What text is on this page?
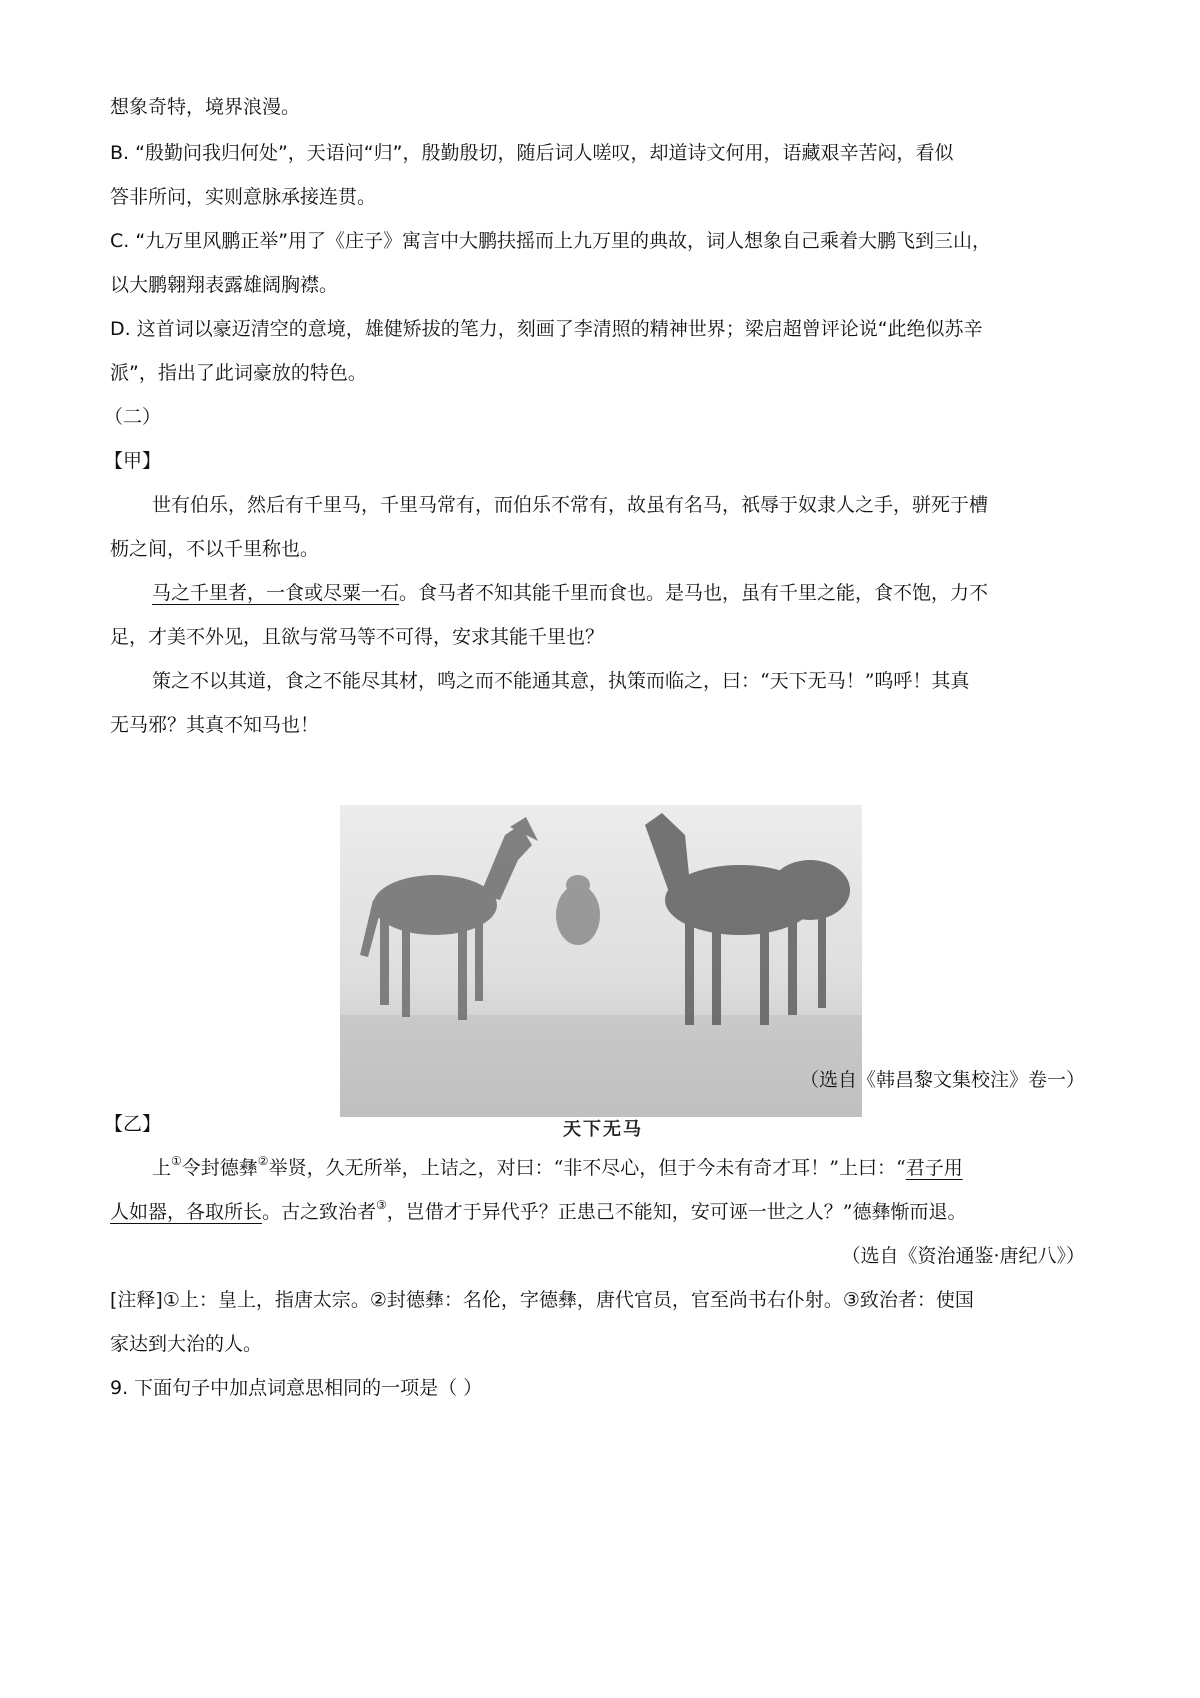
想象奇特，境界浪漫。
B. “殷勤问我归何处”，天语问“归”，殷勤殷切，随后词人嗟叹，却道诗文何用，语藏艰辛苦闷，看似
答非所问，实则意脉承接连贯。
C. “九万里风鹏正举”用了《庄子》寓言中大鹏扶摇而上九万里的典故，词人想象自己乘着大鹏飞到三山，
以大鹏翱翔表露雄阔胸襟。
D. 这首词以豪迈清空的意境，雄健矫拔的笔力，刻画了李清照的精神世界；梁启超曾评论说“此绝似苏辛
派”，指出了此词豪放的特色。
（二）
【甲】
世有伯乐，然后有千里马，千里马常有，而伯乐不常有，故虽有名马，祇辱于奴隶人之手，骈死于槽
枥之间，不以千里称也。
马之千里者，一食或尽粟一石。食马者不知其能千里而食也。是马也，虽有千里之能，食不饱，力不
足，才美不外见，且欲与常马等不可得，安求其能千里也？
策之不以其道，食之不能尽其材，鸣之而不能通其意，执策而临之，曰：“天下无马！”呜呼！其真
无马邪？其真不知马也！
天下无马
（选自《韩昌黎文集校注》卷一）
【乙】
上①令封德彝②举贤，久无所举，上诘之，对曰：“非不尽心，但于今未有奇才耳！”上曰：“君子用
人如器，各取所长。古之致治者③，岂借才于异代乎？正患己不能知，安可诬一世之人？”德彝惭而退。
（选自《资治通鉴·唐纪八》）
[注释]①上：皇上，指唐太宗。②封德彝：名伦，字德彝，唐代官员，官至尚书右仆射。③致治者：使国
家达到大治的人。
9. 下面句子中加点词意思相同的一项是（ ）
